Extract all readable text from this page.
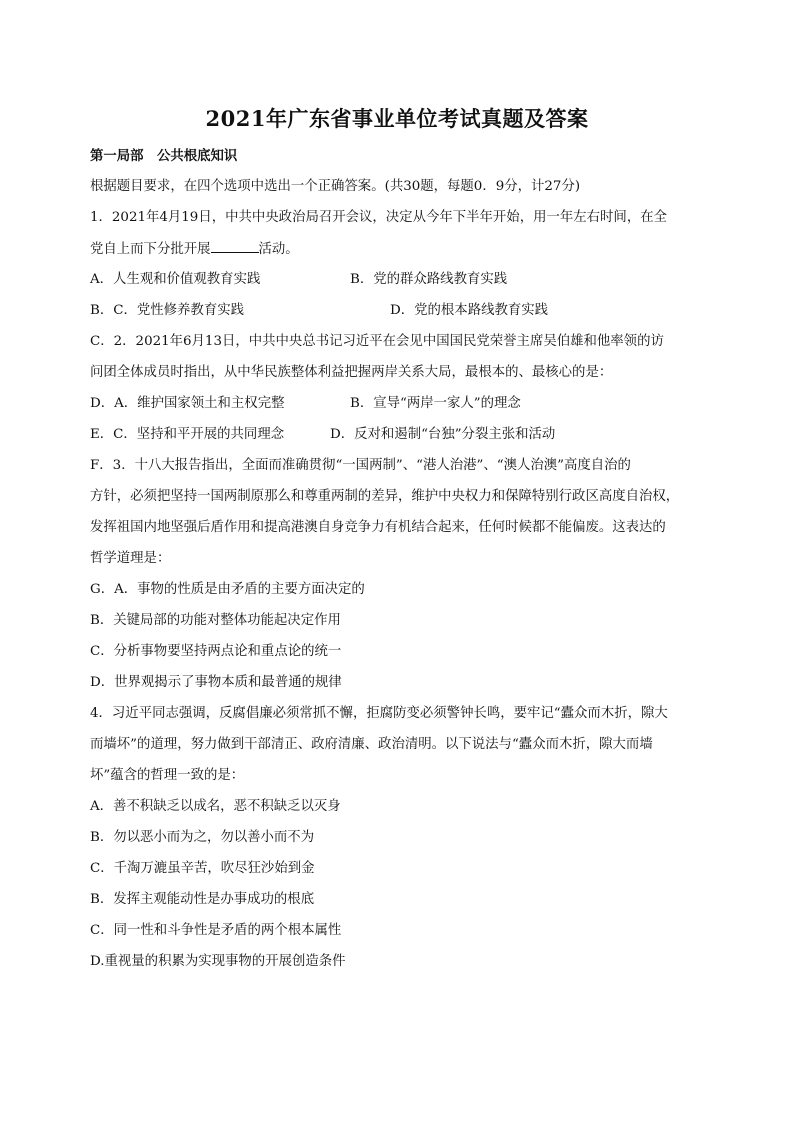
2021年广东省事业单位考试真题及答案
第一局部　公共根底知识
根据题目要求，在四个选项中选出一个正确答案。(共30题，每题0．9分，计27分)
1．2021年4月19日，中共中央政治局召开会议，决定从今年下半年开始，用一年左右时间，在全
党自上而下分批开展	活动。
A．人生观和价值观教育实践	B．党的群众路线教育实践
B．C．党性修养教育实践	D．党的根本路线教育实践
C．2．2021年6月13日，中共中央总书记习近平在会见中国国民党荣誉主席吴伯雄和他率领的访
问团全体成员时指出，从中华民族整体利益把握两岸关系大局，最根本的、最核心的是：
D．A．维护国家领土和主权完整	B．宣导“两岸一家人”的理念
E．C．坚持和平开展的共同理念	D．反对和遏制“台独”分裂主张和活动
F．3．十八大报告指出，全面而准确贯彻“一国两制”、“港人治港”、“澳人治澳”高度自治的
方针，必须把坚持一国两制原那么和尊重两制的差异，维护中央权力和保障特别行政区高度自治权，
发挥祖国内地坚强后盾作用和提高港澳自身竞争力有机结合起来，任何时候都不能偏废。这表达的
哲学道理是：
G．A．事物的性质是由矛盾的主要方面决定的
B．关键局部的功能对整体功能起决定作用
C．分析事物要坚持两点论和重点论的统一
D．世界观揭示了事物本质和最普通的规律
4．习近平同志强调，反腐倡廉必须常抓不懈，拒腐防变必须警钟长鸣，要牢记“蠹众而木折，隙大
而墙坏”的道理，努力做到干部清正、政府清廉、政治清明。以下说法与“蠹众而木折，隙大而墙
坏”蕴含的哲理一致的是：
A．善不积缺乏以成名，恶不积缺乏以灭身
B．勿以恶小而为之，勿以善小而不为
C．千淘万漉虽辛苦，吹尽狂沙始到金
B．发挥主观能动性是办事成功的根底
C．同一性和斗争性是矛盾的两个根本属性
D.重视量的积累为实现事物的开展创造条件
